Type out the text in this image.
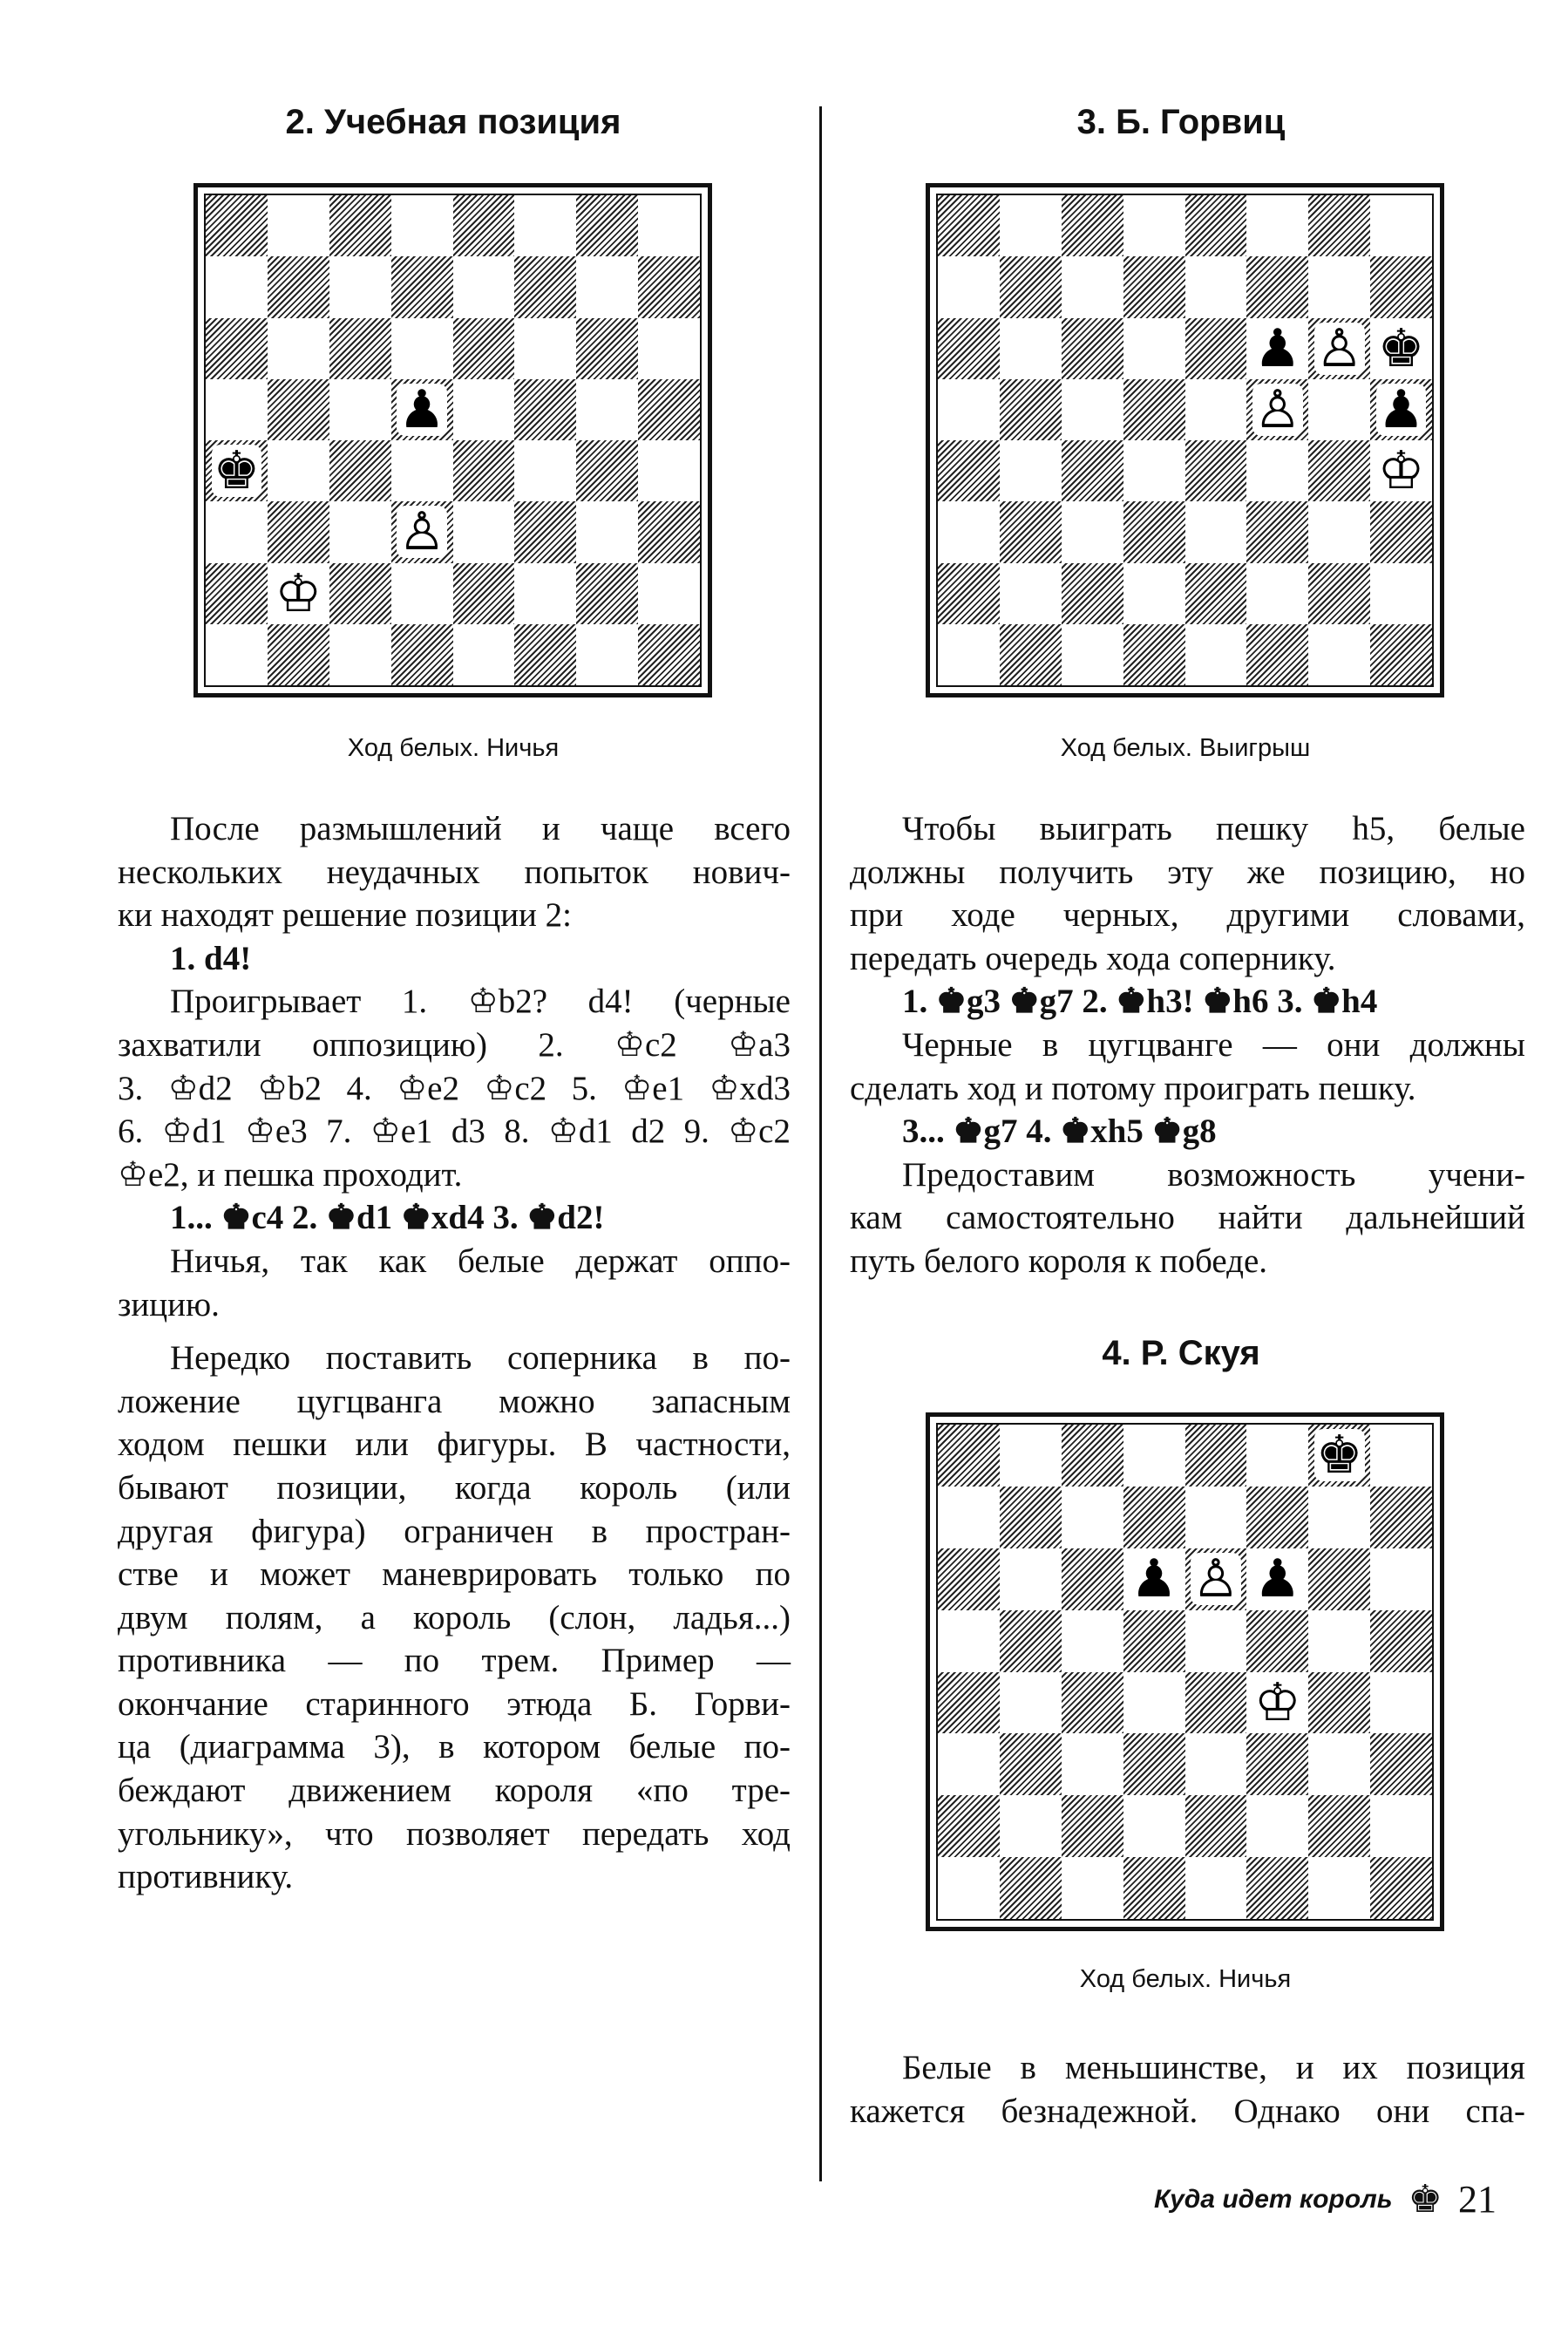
2. Учебная позиция
♟
♚
♙
♔
Ход белых. Ничья
3. Б. Горвиц
♟ ♙ ♚
♙ ♟
♔
Ход белых. Выигрыш

После размышлений и чаще всего

нескольких неудачных попыток нович-
ки находят решение позиции 2:
1. d4!
Проигрывает 1. ♔b2? d4! (черные
захватили оппозицию) 2. ♔c2 ♔a3
3. ♔d2 ♔b2 4. ♔e2 ♔c2 5. ♔e1 ♔xd3
6. ♔d1 ♔e3 7. ♔e1 d3 8. ♔d1 d2 9. ♔c2
♔e2, и пешка проходит.
1... ♚c4 2. ♚d1 ♚xd4 3. ♚d2!
Ничья, так как белые держат оппо-
зицию.
Нередко поставить соперника в по-
ложение цугцванга можно запасным
ходом пешки или фигуры. В частности,
бывают позиции, когда король (или
другая фигура) ограничен в простран-
стве и может маневрировать только по
двум полям, а король (слон, ладья...)
противника — по трем. Пример —
окончание старинного этюда Б. Горви-
ца (диаграмма 3), в котором белые по-
беждают движением короля «по тре-
угольнику», что позволяет передать ход
противнику.
Чтобы выиграть пешку h5, белые
должны получить эту же позицию, но
при ходе черных, другими словами,
передать очередь хода сопернику.
1. ♚g3 ♚g7 2. ♚h3! ♚h6 3. ♚h4
Черные в цугцванге — они должны
сделать ход и потому проиграть пешку.
3... ♚g7 4. ♚xh5 ♚g8
Предоставим возможность учени-
кам самостоятельно найти дальнейший
путь белого короля к победе.
4. Р. Скуя
♚
♟ ♙ ♟
♔
Ход белых. Ничья
Белые в меньшинстве, и их позиция
кажется безнадежной. Однако они спа-
Куда идет король ♚ 21
